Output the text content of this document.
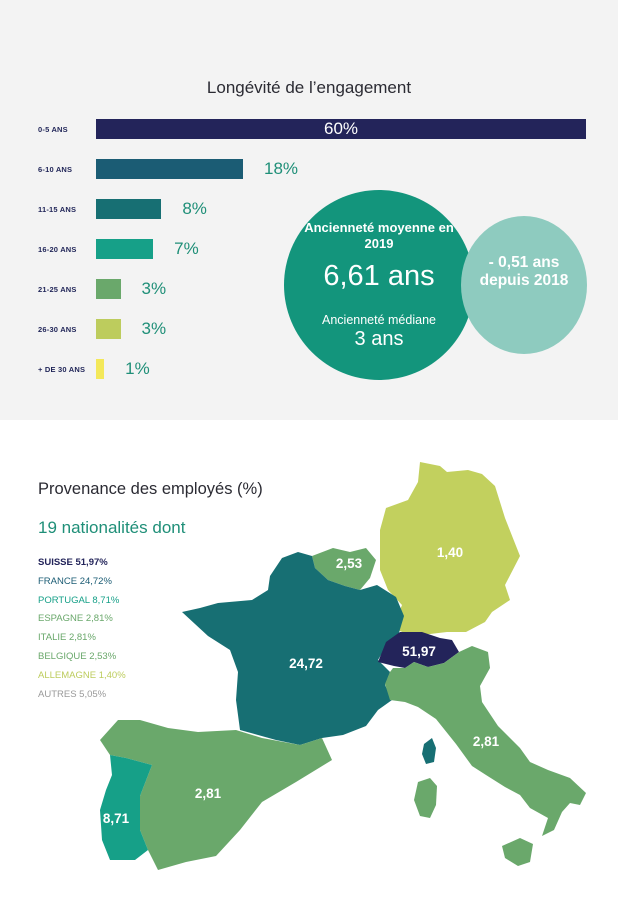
Longévité de l’engagement
0-5 ANS	60%
6-10 ANS	18%
11-15 ANS	8%
16-20 ANS	7%
21-25 ANS	3%
26-30 ANS	3%
+ DE 30 ANS 1%
Ancienneté moyenne en 2019
6,61 ans
Ancienneté médiane
3 ans
- 0,51 ans depuis 2018
51,97
24,72
8,71
2,81
2,81
2,53
1,40
Provenance des employés (%)
19 nationalités dont
SUISSE 51,97%
FRANCE 24,72%
PORTUGAL 8,71%
ESPAGNE 2,81%
ITALIE 2,81%
BELGIQUE 2,53%
ALLEMAGNE 1,40%
AUTRES 5,05%
